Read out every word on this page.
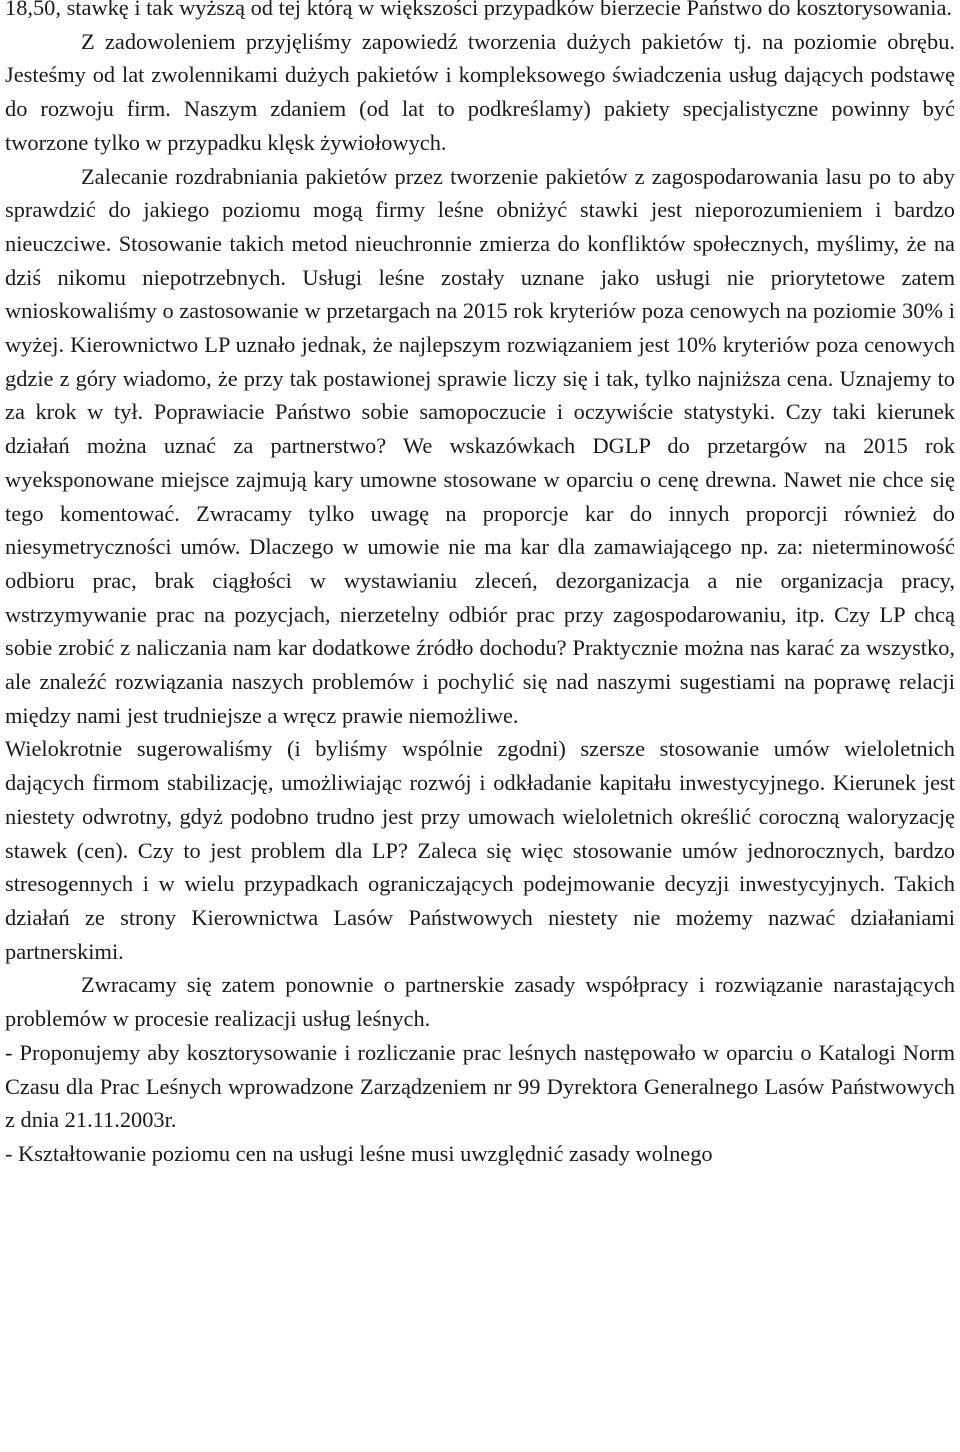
18,50, stawkę i tak wyższą od tej którą w większości przypadków bierzecie Państwo do kosztorysowania.

Z zadowoleniem przyjęliśmy zapowiedź tworzenia dużych pakietów tj. na poziomie obrębu. Jesteśmy od lat zwolennikami dużych pakietów i kompleksowego świadczenia usług dających podstawę do rozwoju firm. Naszym zdaniem (od lat to podkreślamy) pakiety specjalistyczne powinny być tworzone tylko w przypadku klęsk żywiołowych.

Zalecanie rozdrabniania pakietów przez tworzenie pakietów z zagospodarowania lasu po to aby sprawdzić do jakiego poziomu mogą firmy leśne obniżyć stawki jest nieporozumieniem i bardzo nieuczciwe. Stosowanie takich metod nieuchronnie zmierza do konfliktów społecznych, myślimy, że na dziś nikomu niepotrzebnych. Usługi leśne zostały uznane jako usługi nie priorytetowe zatem wnioskowaliśmy o zastosowanie w przetargach na 2015 rok kryteriów poza cenowych na poziomie 30% i wyżej. Kierownictwo LP uznało jednak, że najlepszym rozwiązaniem jest 10% kryteriów poza cenowych gdzie z góry wiadomo, że przy tak postawionej sprawie liczy się i tak, tylko najniższa cena. Uznajemy to za krok w tył. Poprawiacie Państwo sobie samopoczucie i oczywiście statystyki. Czy taki kierunek działań można uznać za partnerstwo? We wskazówkach DGLP do przetargów na 2015 rok wyeksponowane miejsce zajmują kary umowne stosowane w oparciu o cenę drewna. Nawet nie chce się tego komentować. Zwracamy tylko uwagę na proporcje kar do innych proporcji również do niesymetryczności umów. Dlaczego w umowie nie ma kar dla zamawiającego np. za: nieterminowość odbioru prac, brak ciągłości w wystawianiu zleceń, dezorganizacja a nie organizacja pracy, wstrzymywanie prac na pozycjach, nierzetelny odbiór prac przy zagospodarowaniu, itp. Czy LP chcą sobie zrobić z naliczania nam kar dodatkowe źródło dochodu? Praktycznie można nas karać za wszystko, ale znaleźć rozwiązania naszych problemów i pochylić się nad naszymi sugestiami na poprawę relacji między nami jest trudniejsze a wręcz prawie niemożliwe.

Wielokrotnie sugerowaliśmy (i byliśmy wspólnie zgodni) szersze stosowanie umów wieloletnich dających firmom stabilizację, umożliwiając rozwój i odkładanie kapitału inwestycyjnego. Kierunek jest niestety odwrotny, gdyż podobno trudno jest przy umowach wieloletnich określić coroczną waloryzację stawek (cen). Czy to jest problem dla LP? Zaleca się więc stosowanie umów jednorocznych, bardzo stresogennych i w wielu przypadkach ograniczających podejmowanie decyzji inwestycyjnych. Takich działań ze strony Kierownictwa Lasów Państwowych niestety nie możemy nazwać działaniami partnerskimi.

Zwracamy się zatem ponownie o partnerskie zasady współpracy i rozwiązanie narastających problemów w procesie realizacji usług leśnych.

- Proponujemy aby kosztorysowanie i rozliczanie prac leśnych następowało w oparciu o Katalogi Norm Czasu dla Prac Leśnych wprowadzone Zarządzeniem nr 99 Dyrektora Generalnego Lasów Państwowych z dnia 21.11.2003r.

- Kształtowanie poziomu cen na usługi leśne musi uwzględnić zasady wolnego
